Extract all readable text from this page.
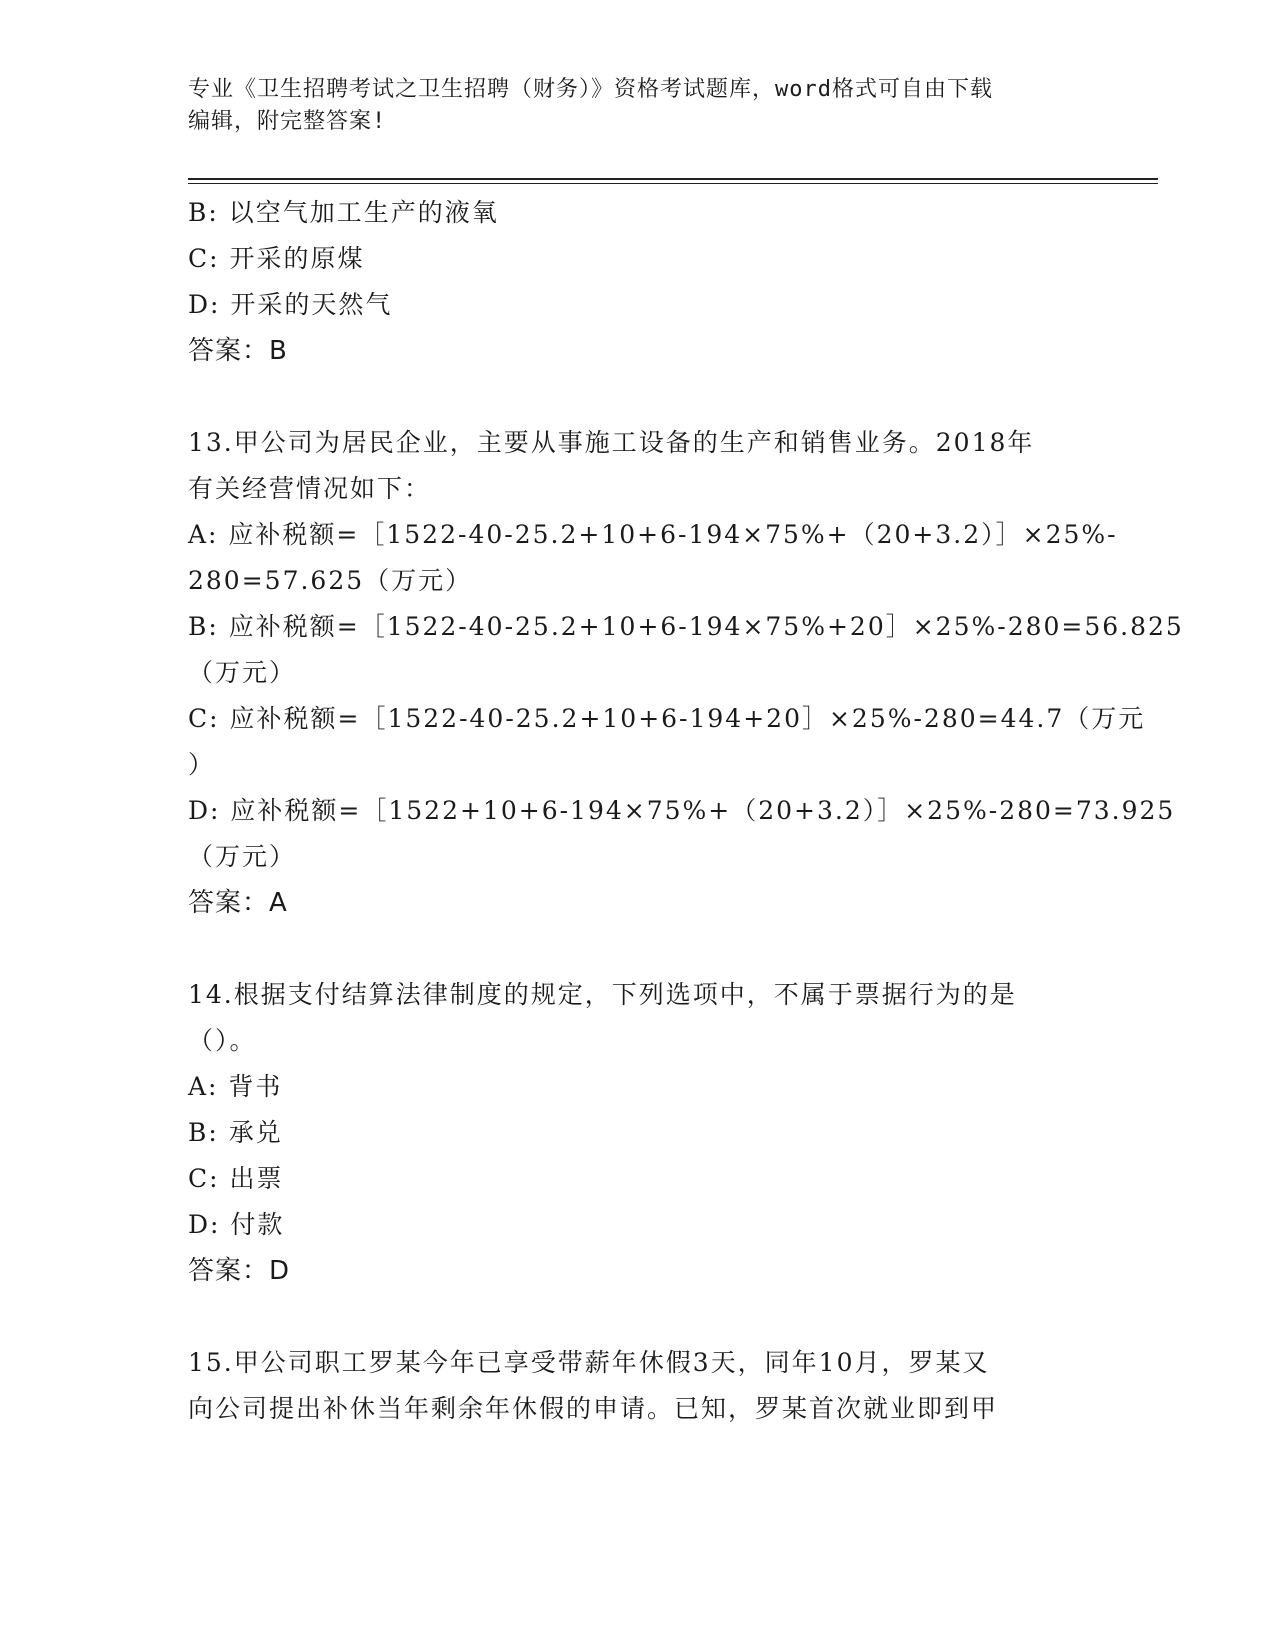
专业《卫生招聘考试之卫生招聘（财务）》资格考试题库，word格式可自由下载
编辑，附完整答案!
B: 以空气加工生产的液氧
C: 开采的原煤
D: 开采的天然气
答案：B
13.甲公司为居民企业，主要从事施工设备的生产和销售业务。2018年
有关经营情况如下：
A: 应补税额=［1522-40-25.2+10+6-194×75%+（20+3.2）］×25%-
280=57.625（万元）
B: 应补税额=［1522-40-25.2+10+6-194×75%+20］×25%-280=56.825
（万元）
C: 应补税额=［1522-40-25.2+10+6-194+20］×25%-280=44.7（万元
）
D: 应补税额=［1522+10+6-194×75%+（20+3.2）］×25%-280=73.925
（万元）
答案：A
14.根据支付结算法律制度的规定，下列选项中，不属于票据行为的是
（）。
A: 背书
B: 承兑
C: 出票
D: 付款
答案：D
15.甲公司职工罗某今年已享受带薪年休假3天，同年10月，罗某又
向公司提出补休当年剩余年休假的申请。已知，罗某首次就业即到甲
